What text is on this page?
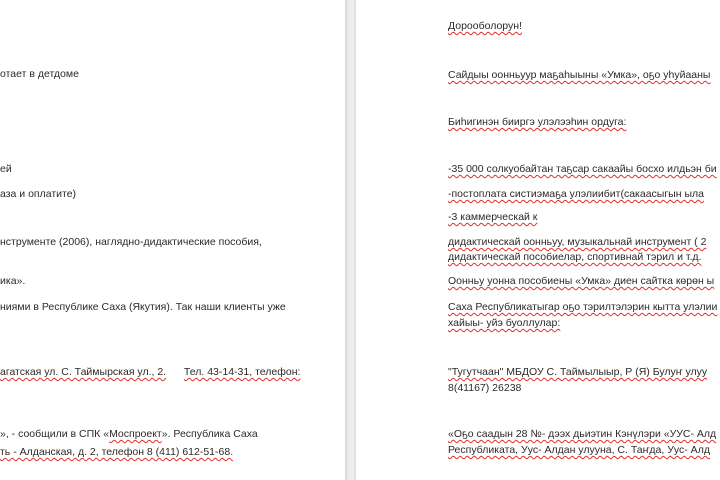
отает в детдоме
ей
аза и оплатите)
нструменте (2006), наглядно-дидактические пособия,
ика».
ниями в Республике Саха (Якутия). Так наши клиенты уже
агатская ул. С. Таймырская ул., 2. Тел. 43-14-31, телефон:
», - сообщили в СПК «Моспроект». Республика Саха
ть - Алданская, д. 2, телефон 8 (411) 612-51-68.
Дорооболорун!
Сайдыы оонньуур маҕаһыыны «Умка», оҕо уһуйааны
Биһигинэн бииргэ улэлээhин ордуга:
-35 000 солкуобайтан таҕсар сакаайы босхо илдьэн би
-постоплата систиэмаҕа улэлиибит(сакаасыгын ыла
-3 каммерческай к
дидактическай оонньуу, музыкальнай инструмент ( 2
дидактическай пособиелар, спортивнай тэрил и т.д.
Оонньу уонна пособиены «Умка» диен сайтка көрөн ы
Саха Республикатыгар оҕо тэрилтэлэрин кытта улэлии
хайыы- уйэ буоллулар:
"Тугутчаан" МБДОУ С. Таймылыыр, Р (Я) Булуҥ улуу
8(41167) 26238
«Оҕо саадын 28 №- дээх дьиэтин Кэнүлэри «УУС- Алд
Республиката, Уус- Алдан улууна, С. Таҥда, Уус- Алд
